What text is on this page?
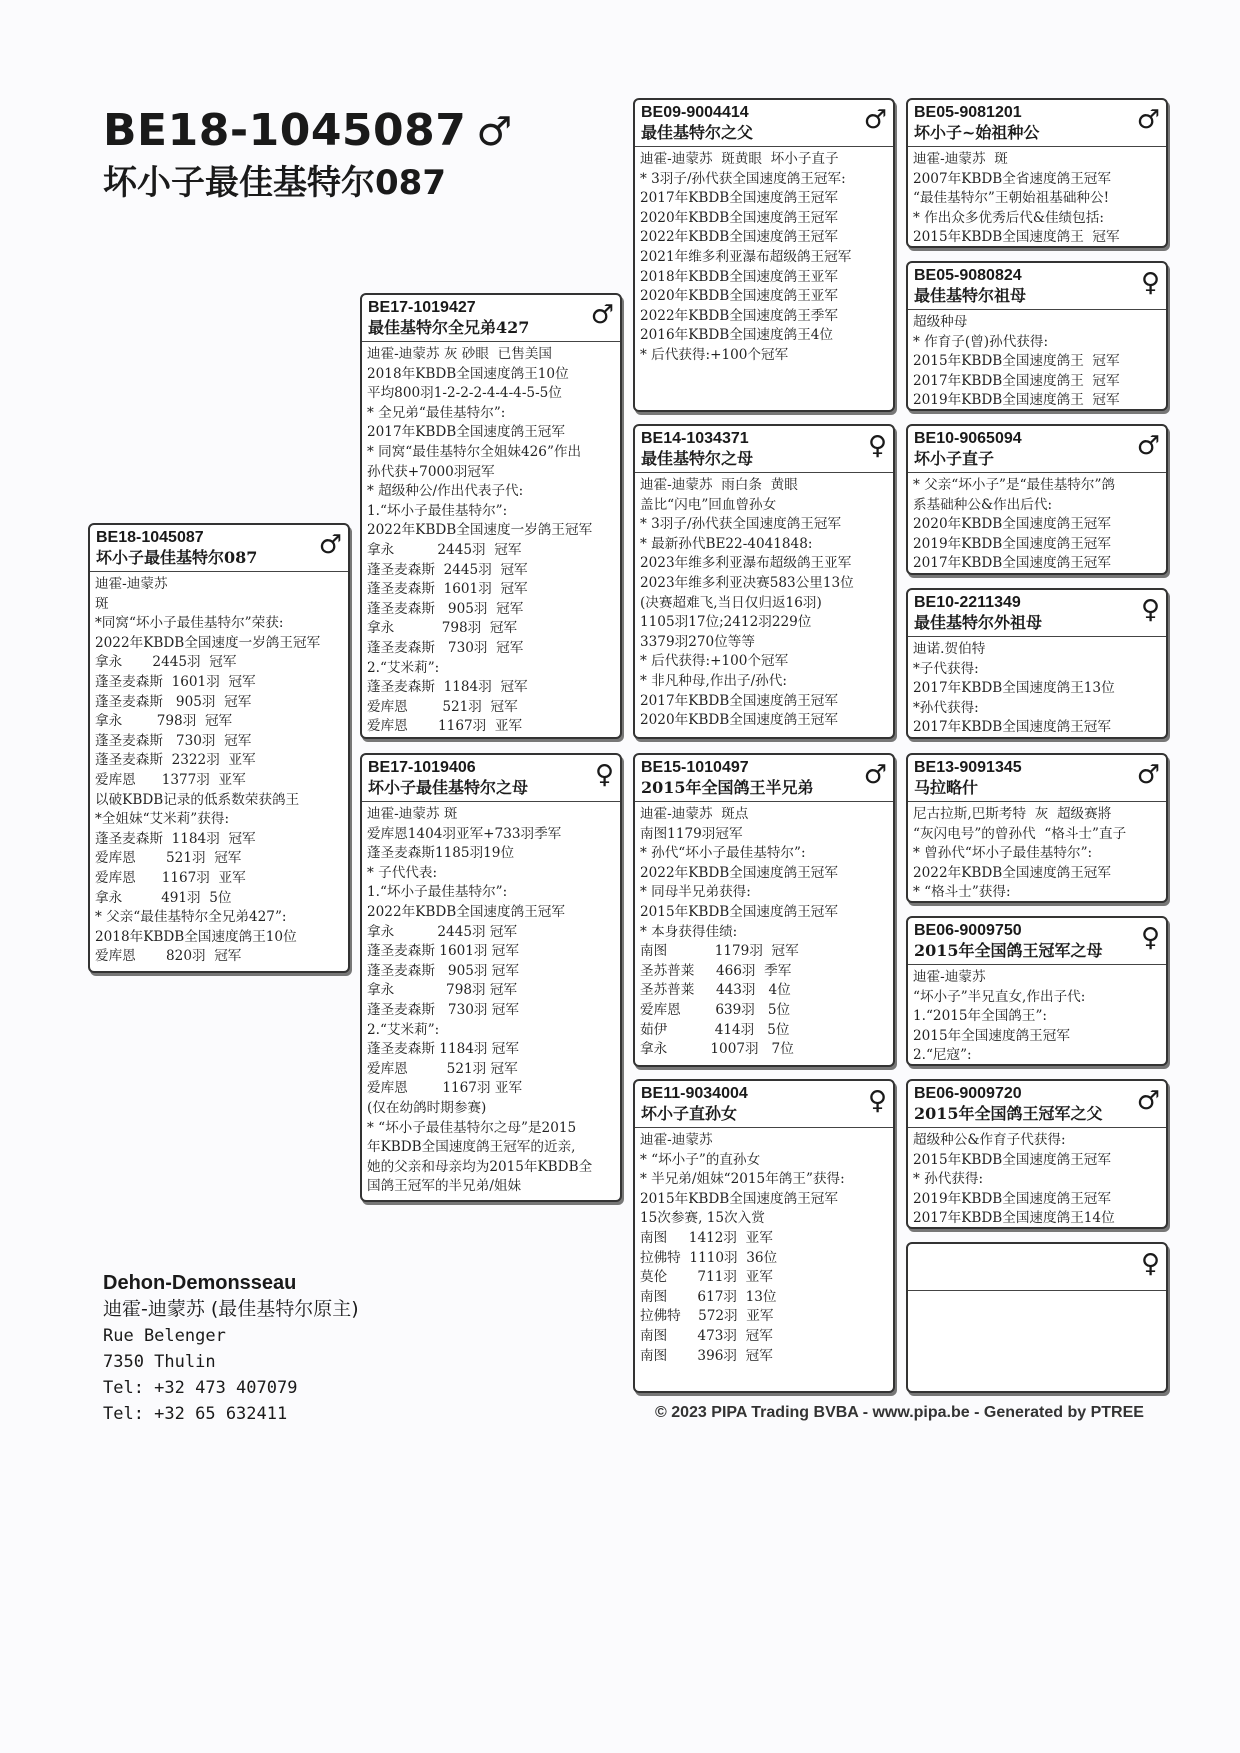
BE18-1045087 ♂
坏小子最佳基特尔087
BE18-1045087
坏小子最佳基特尔087	♂
迪霍-迪蒙苏
斑
*同窝“坏小子最佳基特尔”荣获:
2022年KBDB全国速度一岁鸽王冠军
拿永       2445羽  冠军
蓬圣麦森斯  1601羽  冠军
蓬圣麦森斯   905羽  冠军
拿永        798羽  冠军
蓬圣麦森斯   730羽  冠军
蓬圣麦森斯  2322羽  亚军
爱库恩      1377羽  亚军
以破KBDB记录的低系数荣获鸽王
*全姐妹“艾米莉”获得:
蓬圣麦森斯  1184羽  冠军
爱库恩       521羽  冠军
爱库恩      1167羽  亚军
拿永         491羽  5位
* 父亲“最佳基特尔全兄弟427”:
2018年KBDB全国速度鸽王10位
爱库恩       820羽  冠军
BE17-1019427
最佳基特尔全兄弟427	♂
迪霍-迪蒙苏 灰 砂眼  已售美国
2018年KBDB全国速度鸽王10位
平均800羽1-2-2-2-4-4-4-5-5位
* 全兄弟“最佳基特尔”:
2017年KBDB全国速度鸽王冠军
* 同窝“最佳基特尔全姐妹426”作出
孙代获+7000羽冠军
* 超级种公/作出代表子代:
1.“坏小子最佳基特尔”:
2022年KBDB全国速度一岁鸽王冠军
拿永          2445羽  冠军
蓬圣麦森斯  2445羽  冠军
蓬圣麦森斯  1601羽  冠军
蓬圣麦森斯   905羽  冠军
拿永           798羽  冠军
蓬圣麦森斯   730羽  冠军
2.“艾米莉”:
蓬圣麦森斯  1184羽  冠军
爱库恩        521羽  冠军
爱库恩       1167羽  亚军
BE17-1019406
坏小子最佳基特尔之母	♀
迪霍-迪蒙苏 斑
爱库恩1404羽亚军+733羽季军
蓬圣麦森斯1185羽19位
* 子代代表:
1.“坏小子最佳基特尔”:
2022年KBDB全国速度鸽王冠军
拿永          2445羽 冠军
蓬圣麦森斯 1601羽 冠军
蓬圣麦森斯   905羽 冠军
拿永            798羽 冠军
蓬圣麦森斯   730羽 冠军
2.“艾米莉”:
蓬圣麦森斯 1184羽 冠军
爱库恩         521羽 冠军
爱库恩        1167羽 亚军
(仅在幼鸽时期参赛)
* “坏小子最佳基特尔之母”是2015
年KBDB全国速度鸽王冠军的近亲,
她的父亲和母亲均为2015年KBDB全
国鸽王冠军的半兄弟/姐妹
BE09-9004414
最佳基特尔之父	♂
迪霍-迪蒙苏  斑黄眼  坏小子直子
* 3羽子/孙代获全国速度鸽王冠军:
2017年KBDB全国速度鸽王冠军
2020年KBDB全国速度鸽王冠军
2022年KBDB全国速度鸽王冠军
2021年维多利亚瀑布超级鸽王冠军
2018年KBDB全国速度鸽王亚军
2020年KBDB全国速度鸽王亚军
2022年KBDB全国速度鸽王季军
2016年KBDB全国速度鸽王4位
* 后代获得:+100个冠军
BE14-1034371
最佳基特尔之母	♀
迪霍-迪蒙苏  雨白条  黄眼
盖比“闪电”回血曾孙女
* 3羽子/孙代获全国速度鸽王冠军
* 最新孙代BE22-4041848:
2023年维多利亚瀑布超级鸽王亚军
2023年维多利亚决赛583公里13位
(决赛超难飞,当日仅归返16羽)
1105羽17位;2412羽229位
3379羽270位等等
* 后代获得:+100个冠军
* 非凡种母,作出子/孙代:
2017年KBDB全国速度鸽王冠军
2020年KBDB全国速度鸽王冠军
BE15-1010497
2015年全国鸽王半兄弟	♂
迪霍-迪蒙苏  斑点
南图1179羽冠军
* 孙代“坏小子最佳基特尔”:
2022年KBDB全国速度鸽王冠军
* 同母半兄弟获得:
2015年KBDB全国速度鸽王冠军
* 本身获得佳绩:
南图           1179羽  冠军
圣苏普莱     466羽  季军
圣苏普莱     443羽   4位
爱库恩        639羽   5位
茹伊           414羽   5位
拿永          1007羽   7位
BE11-9034004
坏小子直孙女	♀
迪霍-迪蒙苏
* “坏小子”的直孙女
* 半兄弟/姐妹“2015年鸽王”获得:
2015年KBDB全国速度鸽王冠军
15次参赛, 15次入赏
南图     1412羽  亚军
拉佛特  1110羽  36位
莫伦       711羽  亚军
南图       617羽  13位
拉佛特    572羽  亚军
南图       473羽  冠军
南图       396羽  冠军
BE05-9081201
坏小子~始祖种公	♂
迪霍-迪蒙苏  斑
2007年KBDB全省速度鸽王冠军
“最佳基特尔”王朝始祖基础种公!
* 作出众多优秀后代&佳绩包括:
2015年KBDB全国速度鸽王  冠军
BE05-9080824
最佳基特尔祖母	♀
超级种母
* 作育子(曾)孙代获得:
2015年KBDB全国速度鸽王  冠军
2017年KBDB全国速度鸽王  冠军
2019年KBDB全国速度鸽王  冠军
BE10-9065094
坏小子直子	♂
* 父亲“坏小子”是“最佳基特尔”鸽
系基础种公&作出后代:
2020年KBDB全国速度鸽王冠军
2019年KBDB全国速度鸽王冠军
2017年KBDB全国速度鸽王冠军
BE10-2211349
最佳基特尔外祖母	♀
迪诺.贺伯特
*子代获得:
2017年KBDB全国速度鸽王13位
*孙代获得:
2017年KBDB全国速度鸽王冠军
BE13-9091345
马拉略什	♂
尼古拉斯,巴斯考特  灰  超级赛將
“灰闪电号”的曾孙代  “格斗士”直子
* 曾孙代“坏小子最佳基特尔”:
2022年KBDB全国速度鸽王冠军
* “格斗士”获得:
BE06-9009750
2015年全国鸽王冠军之母	♀
迪霍-迪蒙苏
“坏小子”半兄直女,作出子代:
1.“2015年全国鸽王”:
2015年全国速度鸽王冠军
2.“尼寇”:
BE06-9009720
2015年全国鸽王冠军之父	♂
超级种公&作育子代获得:
2015年KBDB全国速度鸽王冠军
* 孙代获得:
2019年KBDB全国速度鸽王冠军
2017年KBDB全国速度鸽王14位
♀
Dehon-Demonsseau
迪霍-迪蒙苏 (最佳基特尔原主)
Rue Belenger
7350 Thulin
Tel: +32 473 407079
Tel: +32 65 632411	© 2023 PIPA Trading BVBA - www.pipa.be - Generated by PTREE
